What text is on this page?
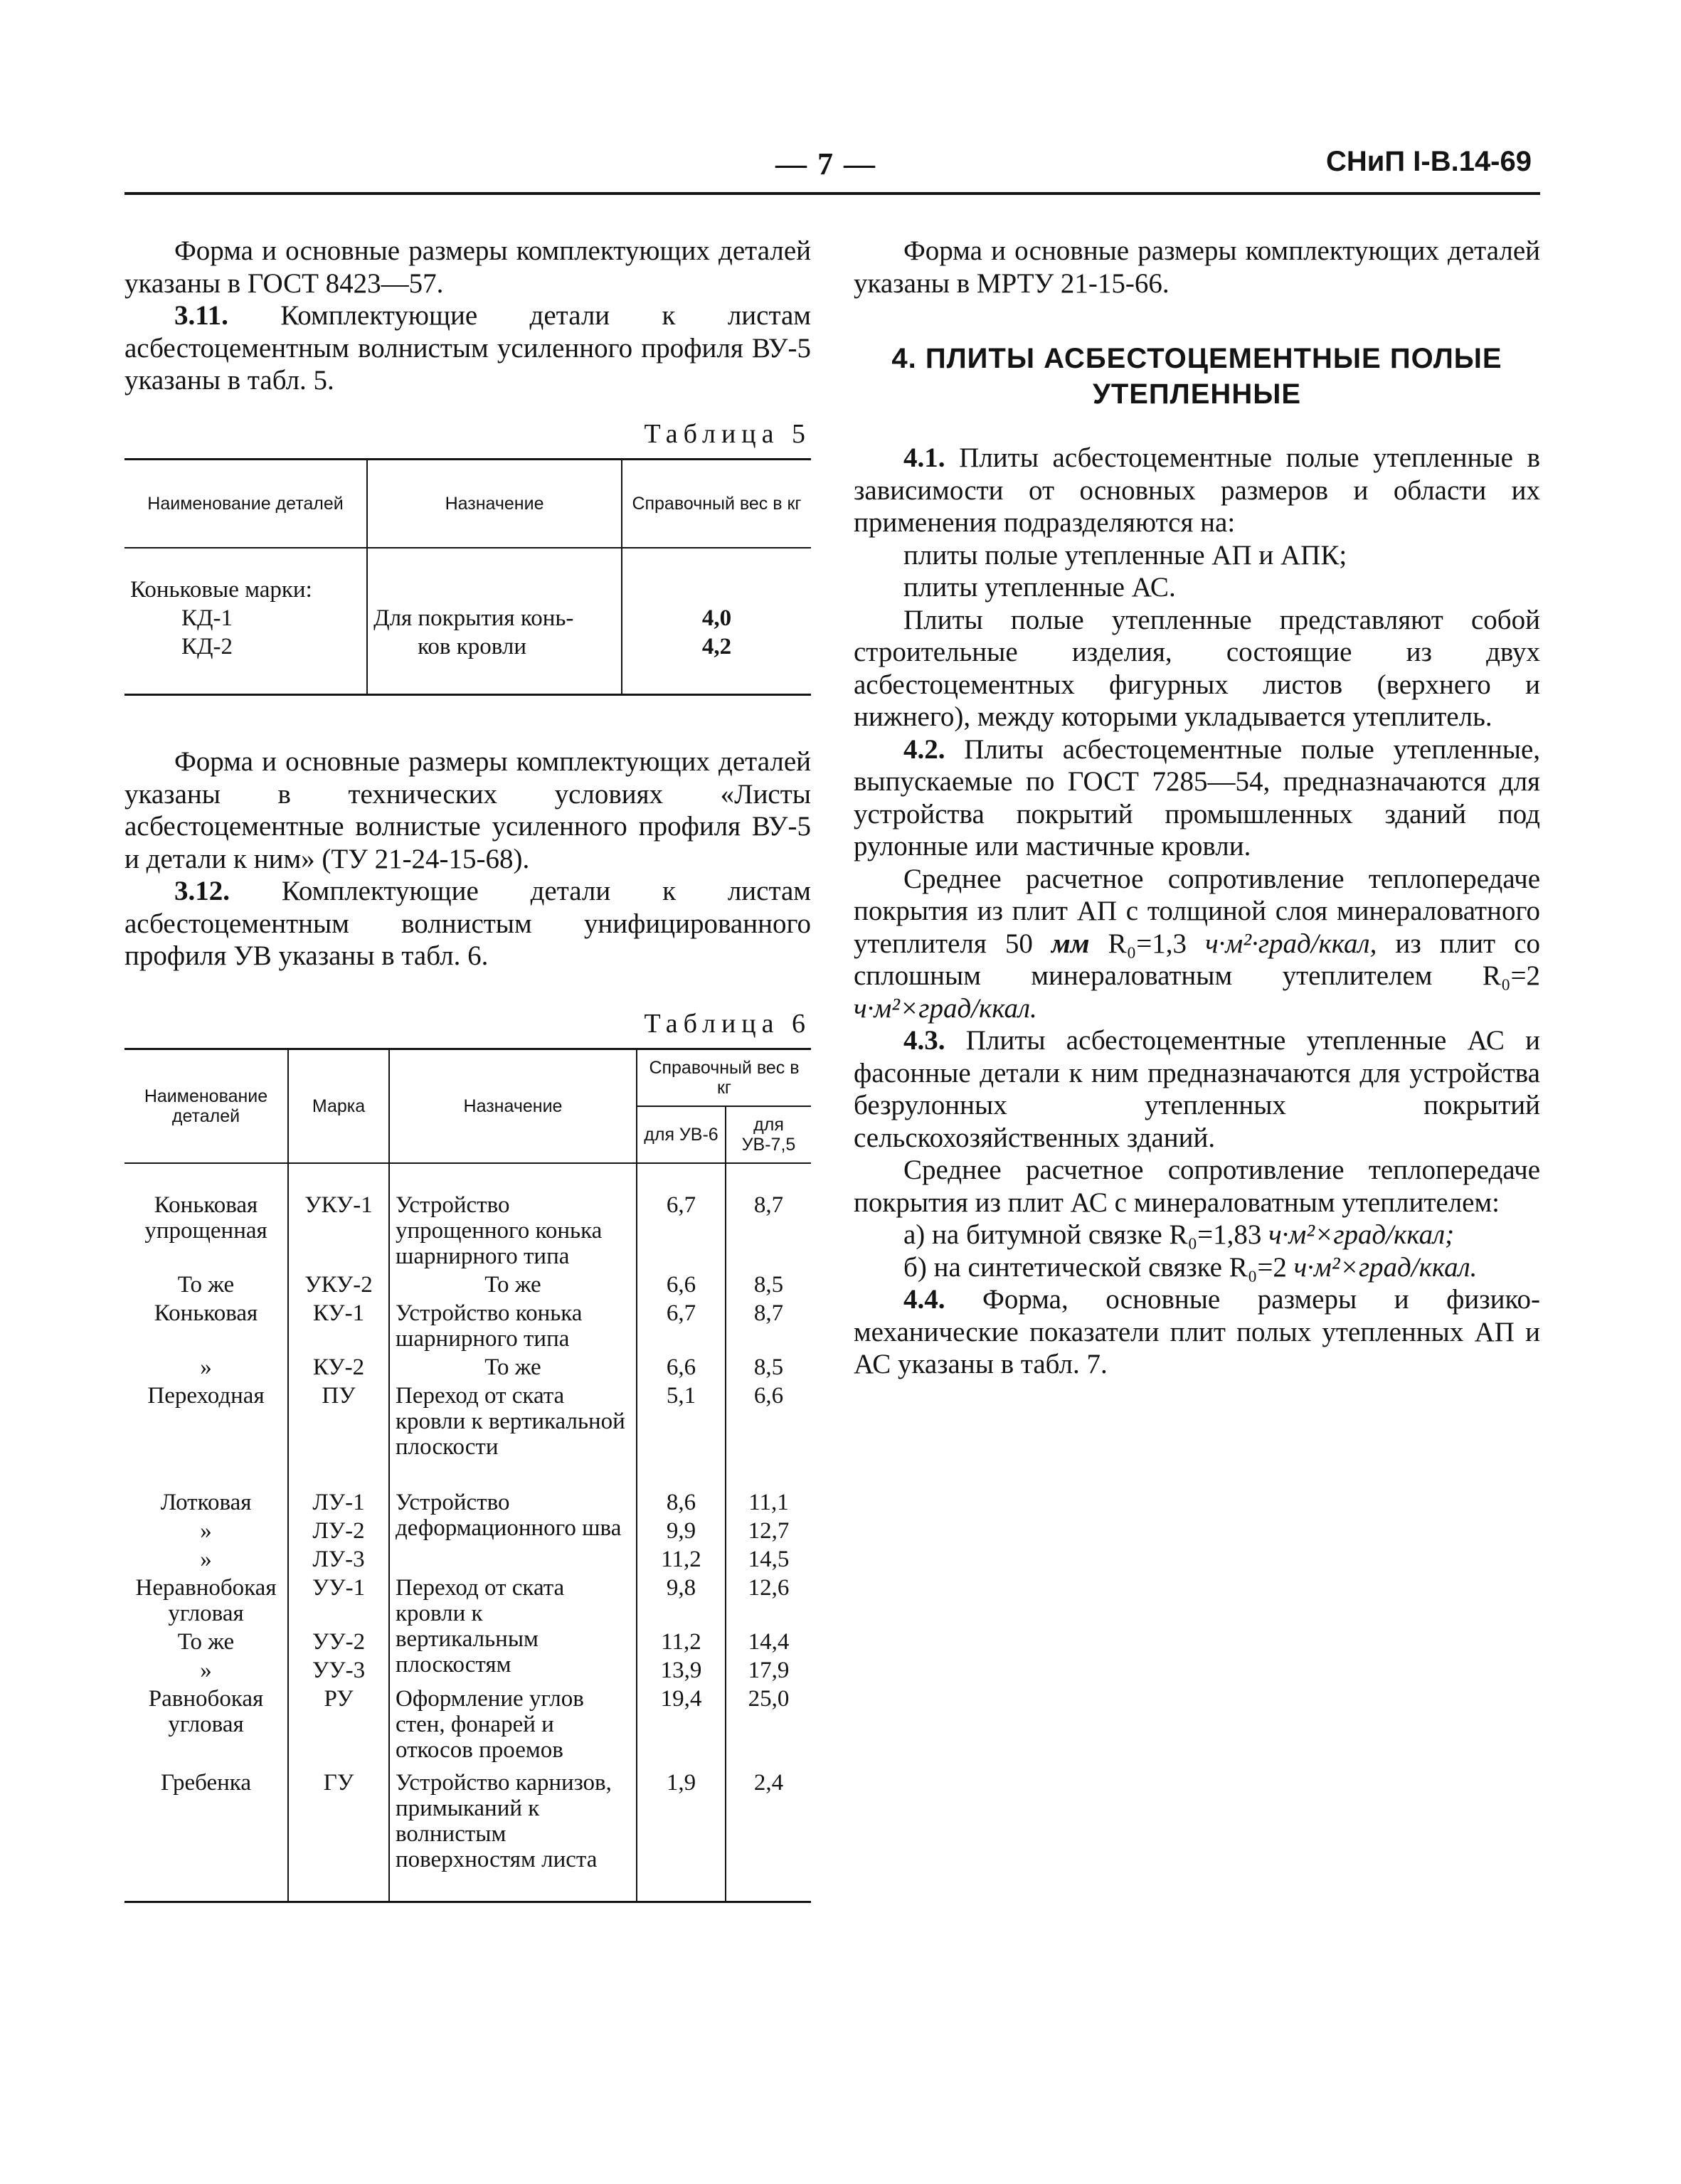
— 7 —	СНиП I-В.14-69

Форма и основные размеры комплектующих деталей указаны в ГОСТ 8423—57.

3.11. Комплектующие детали к листам асбестоцементным волнистым усиленного профиля ВУ-5 указаны в табл. 5.

Таблица 5
Наименование деталей	Назначение	Справочный вес в кг

Коньковые марки:		
КД-1	Для покрытия конь-	4,0
КД-2	ков кровли	4,2

Форма и основные размеры комплектующих деталей указаны в технических условиях «Листы асбестоцементные волнистые усиленного профиля ВУ-5 и детали к ним» (ТУ 21-24-15-68).

3.12. Комплектующие детали к листам асбестоцементным волнистым унифицированного профиля УВ указаны в табл. 6.

Таблица 6
Наименование деталей	Марка	Назначение	Справочный вес в кг	
			для УВ-6	для УВ-7,5

Коньковая упрощенная	УКУ-1	Устройство упрощенного конька шарнирного типа	6,7	8,7
То же	УКУ-2	То же	6,6	8,5
Коньковая	КУ-1	Устройство конька шарнирного типа	6,7	8,7
»	КУ-2	То же	6,6	8,5
Переходная	ПУ	Переход от ската кровли к вертикальной плоскости	5,1	6,6

Лотковая	ЛУ-1	Устройство деформационного шва	8,6	11,1
»	ЛУ-2		9,9	12,7
»	ЛУ-3		11,2	14,5
Неравнобокая угловая	УУ-1	Переход от ската кровли к вертикальным плоскостям	9,8	12,6
То же	УУ-2		11,2	14,4
»	УУ-3		13,9	17,9
Равнобокая угловая	РУ	Оформление углов стен, фонарей и откосов проемов	19,4	25,0
Гребенка	ГУ	Устройство карнизов, примыканий к волнистым поверхностям листа	1,9	2,4

Форма и основные размеры комплектующих деталей указаны в МРТУ 21-15-66.

4. ПЛИТЫ АСБЕСТОЦЕМЕНТНЫЕ ПОЛЫЕ УТЕПЛЕННЫЕ

4.1. Плиты асбестоцементные полые утепленные в зависимости от основных размеров и области их применения подразделяются на:

плиты полые утепленные АП и АПК;

плиты утепленные АС.

Плиты полые утепленные представляют собой строительные изделия, состоящие из двух асбестоцементных фигурных листов (верхнего и нижнего), между которыми укладывается утеплитель.

4.2. Плиты асбестоцементные полые утепленные, выпускаемые по ГОСТ 7285—54, предназначаются для устройства покрытий промышленных зданий под рулонные или мастичные кровли.

Среднее расчетное сопротивление теплопередаче покрытия из плит АП с толщиной слоя минераловатного утеплителя 50 мм R₀=1,3 ч·м²·град/ккал, из плит со сплошным минераловатным утеплителем R₀=2 ч·м²×град/ккал.

4.3. Плиты асбестоцементные утепленные АС и фасонные детали к ним предназначаются для устройства безрулонных утепленных покрытий сельскохозяйственных зданий.

Среднее расчетное сопротивление теплопередаче покрытия из плит АС с минераловатным утеплителем:

а) на битумной связке R₀=1,83 ч·м²×град/ккал;

б) на синтетической связке R₀=2 ч·м²×град/ккал.

4.4. Форма, основные размеры и физико-механические показатели плит полых утепленных АП и АС указаны в табл. 7.
